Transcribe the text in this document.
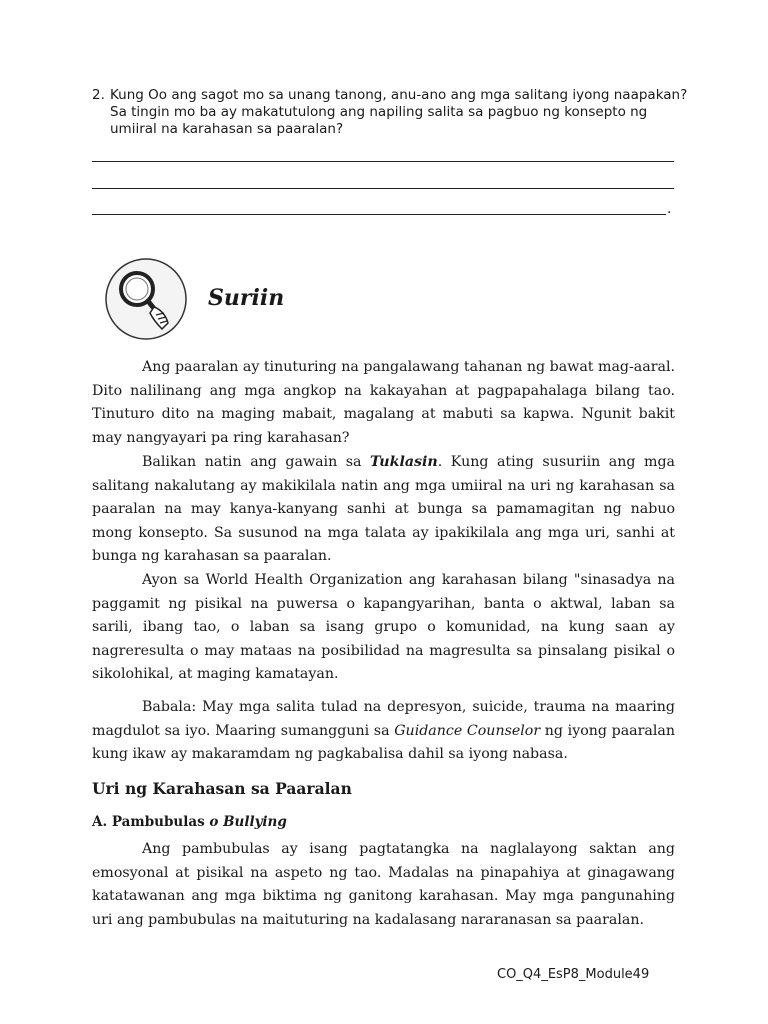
2. Kung Oo ang sagot mo sa unang tanong, anu-ano ang mga salitang iyong naapakan? Sa tingin mo ba ay makatutulong ang napiling salita sa pagbuo ng konsepto ng umiiral na karahasan sa paaralan?
.
Suriin

Ang paaralan ay tinuturing na pangalawang tahanan ng bawat mag-aaral. Dito nalilinang ang mga angkop na kakayahan at pagpapahalaga bilang tao. Tinuturo dito na maging mabait, magalang at mabuti sa kapwa. Ngunit bakit may nangyayari pa ring karahasan?

Balikan natin ang gawain sa Tuklasin. Kung ating susuriin ang mga salitang nakalutang ay makikilala natin ang mga umiiral na uri ng karahasan sa paaralan na may kanya-kanyang sanhi at bunga sa pamamagitan ng nabuo mong konsepto. Sa susunod na mga talata ay ipakikilala ang mga uri, sanhi at bunga ng karahasan sa paaralan.

Ayon sa World Health Organization ang karahasan bilang "sinasadya na paggamit ng pisikal na puwersa o kapangyarihan, banta o aktwal, laban sa sarili, ibang tao, o laban sa isang grupo o komunidad, na kung saan ay nagreresulta o may mataas na posibilidad na magresulta sa pinsalang pisikal o sikolohikal, at maging kamatayan.

Babala: May mga salita tulad na depresyon, suicide, trauma na maaring magdulot sa iyo. Maaring sumangguni sa Guidance Counselor ng iyong paaralan kung ikaw ay makaramdam ng pagkabalisa dahil sa iyong nabasa.

Uri ng Karahasan sa Paaralan
A. Pambubulas o Bullying

Ang pambubulas ay isang pagtatangka na naglalayong saktan ang emosyonal at pisikal na aspeto ng tao. Madalas na pinapahiya at ginagawang katatawanan ang mga biktima ng ganitong karahasan. May mga pangunahing uri ang pambubulas na maituturing na kadalasang nararanasan sa paaralan.

CO_Q4_EsP8_Module49
